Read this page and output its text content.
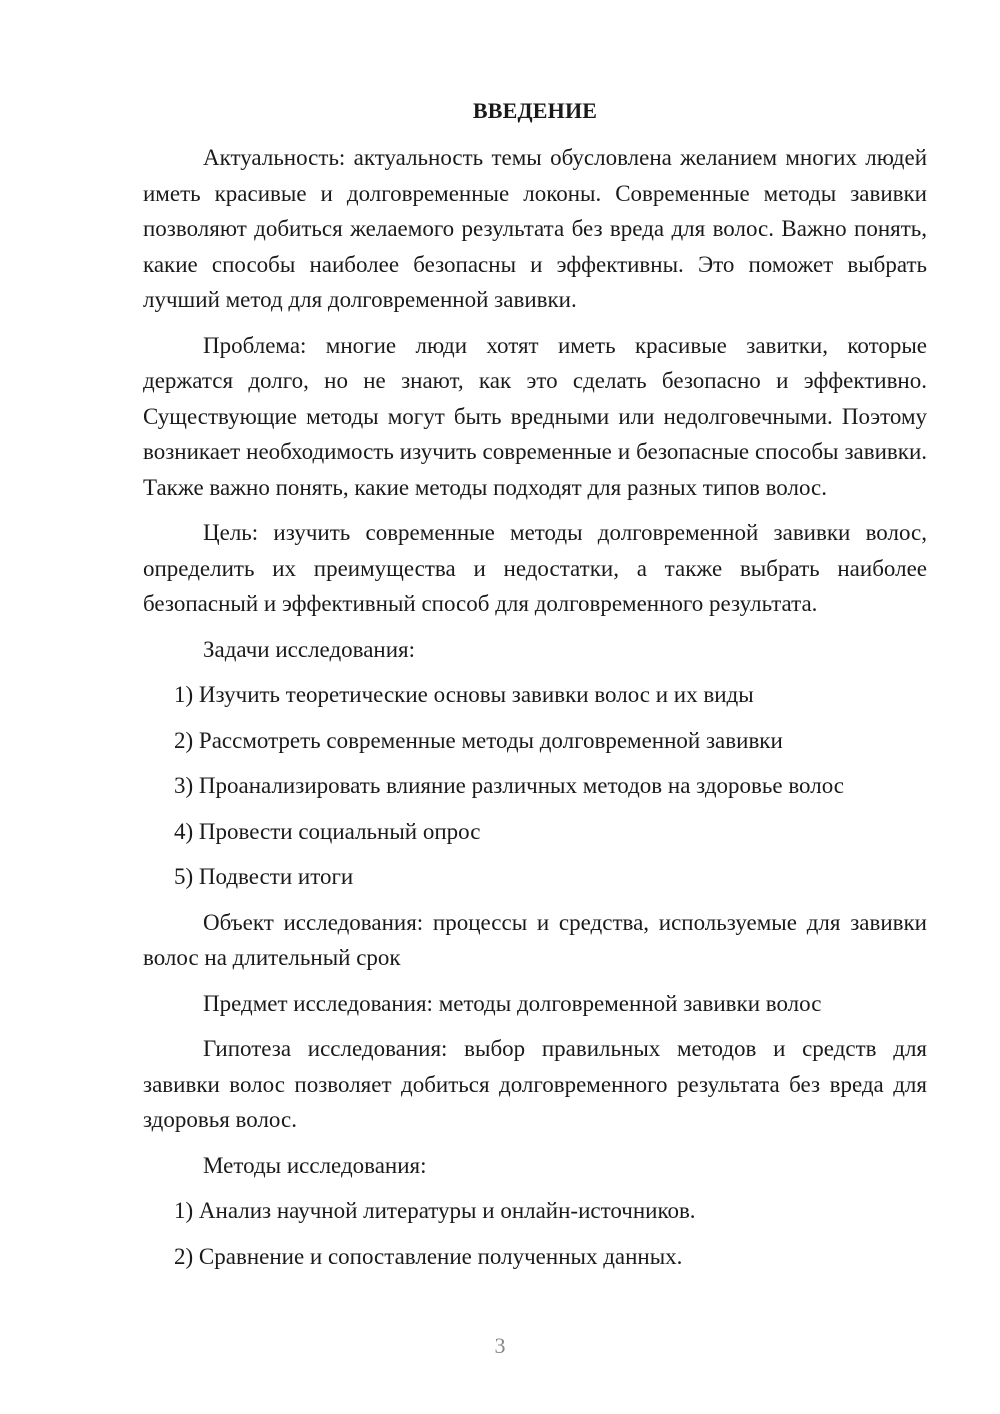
ВВЕДЕНИЕ

Актуальность: актуальность темы обусловлена желанием многих людей иметь красивые и долговременные локоны. Современные методы завивки позволяют добиться желаемого результата без вреда для волос. Важно понять, какие способы наиболее безопасны и эффективны. Это поможет выбрать лучший метод для долговременной завивки.

Проблема: многие люди хотят иметь красивые завитки, которые держатся долго, но не знают, как это сделать безопасно и эффективно. Существующие методы могут быть вредными или недолговечными. Поэтому возникает необходимость изучить современные и безопасные способы завивки. Также важно понять, какие методы подходят для разных типов волос.

Цель: изучить современные методы долговременной завивки волос, определить их преимущества и недостатки, а также выбрать наиболее безопасный и эффективный способ для долговременного результата.

Задачи исследования:

1) Изучить теоретические основы завивки волос и их виды
2) Рассмотреть современные методы долговременной завивки
3) Проанализировать влияние различных методов на здоровье волос
4) Провести социальный опрос
5) Подвести итоги

Объект исследования: процессы и средства, используемые для завивки волос на длительный срок

Предмет исследования: методы долговременной завивки волос

Гипотеза исследования: выбор правильных методов и средств для завивки волос позволяет добиться долговременного результата без вреда для здоровья волос.

Методы исследования:

1) Анализ научной литературы и онлайн-источников.
2) Сравнение и сопоставление полученных данных.
3
